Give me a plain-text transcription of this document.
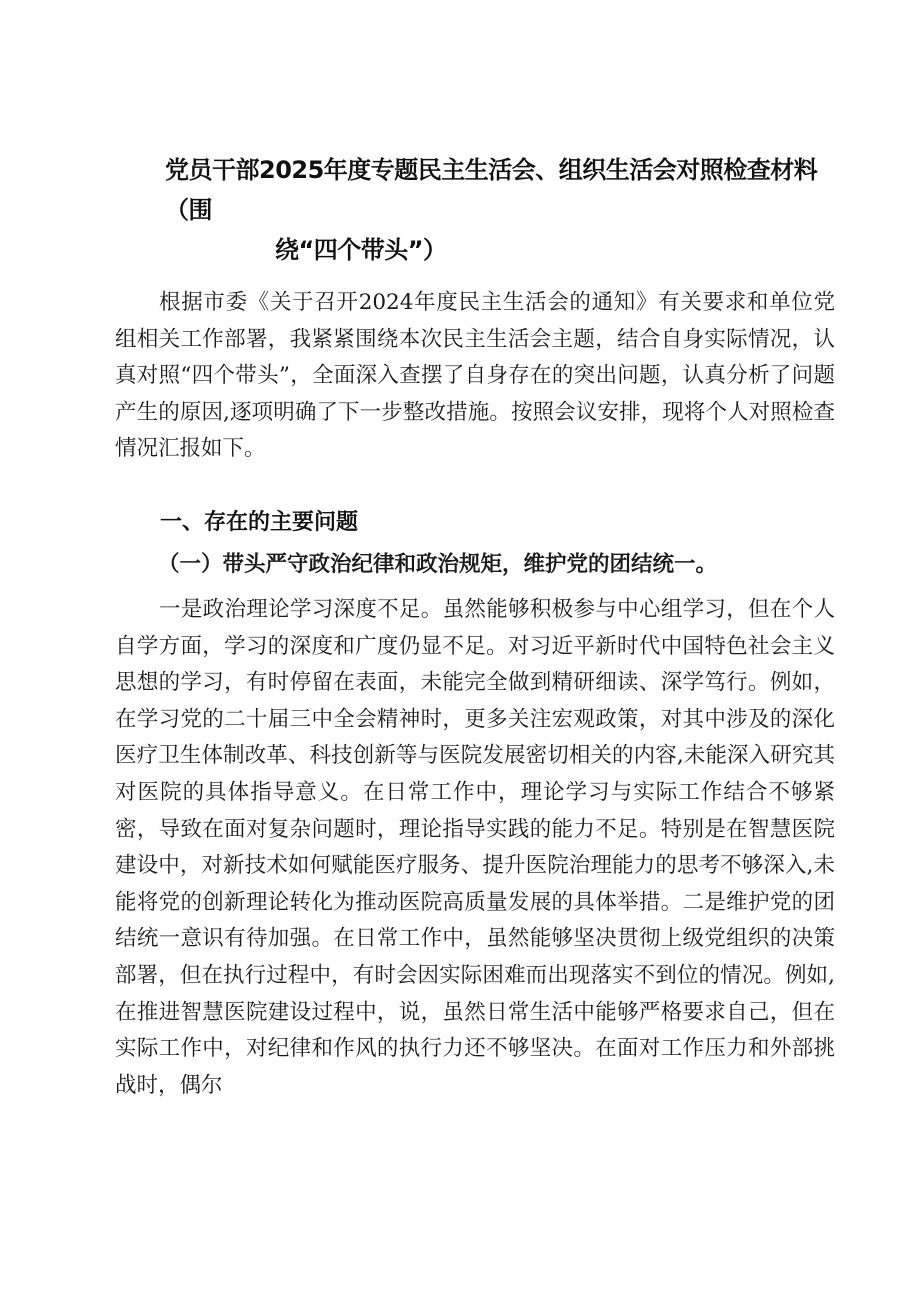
党员干部2025年度专题民主生活会、组织生活会对照检查材料（围
绕“四个带头”）

根据市委《关于召开2024年度民主生活会的通知》有关要求和单位党组相关工作部署，我紧紧围绕本次民主生活会主题，结合自身实际情况，认真对照“四个带头”，全面深入查摆了自身存在的突出问题，认真分析了问题产生的原因,逐项明确了下一步整改措施。按照会议安排，现将个人对照检查情况汇报如下。

一、存在的主要问题
（一）带头严守政治纪律和政治规矩，维护党的团结统一。

一是政治理论学习深度不足。虽然能够积极参与中心组学习，但在个人自学方面，学习的深度和广度仍显不足。对习近平新时代中国特色社会主义思想的学习，有时停留在表面，未能完全做到精研细读、深学笃行。例如，在学习党的二十届三中全会精神时，更多关注宏观政策，对其中涉及的深化医疗卫生体制改革、科技创新等与医院发展密切相关的内容,未能深入研究其对医院的具体指导意义。在日常工作中，理论学习与实际工作结合不够紧密，导致在面对复杂问题时，理论指导实践的能力不足。特别是在智慧医院建设中，对新技术如何赋能医疗服务、提升医院治理能力的思考不够深入,未能将党的创新理论转化为推动医院高质量发展的具体举措。二是维护党的团结统一意识有待加强。在日常工作中，虽然能够坚决贯彻上级党组织的决策部署，但在执行过程中，有时会因实际困难而出现落实不到位的情况。例如,在推进智慧医院建设过程中，说，虽然日常生活中能够严格要求自己，但在实际工作中，对纪律和作风的执行力还不够坚决。在面对工作压力和外部挑战时，偶尔
